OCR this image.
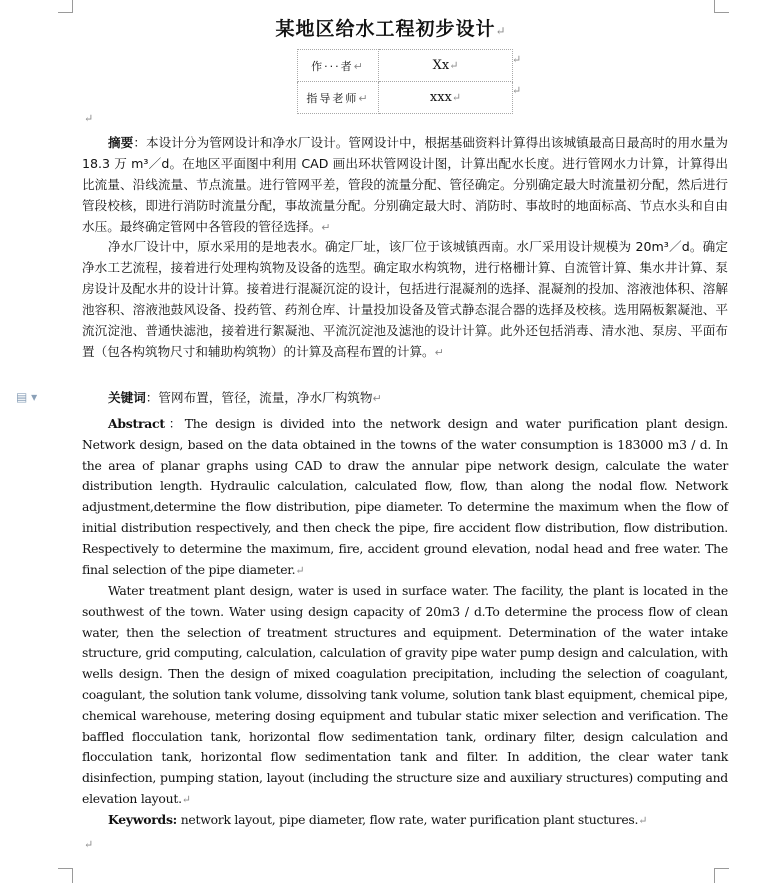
某地区给水工程初步设计↵
作···者↵	Xx↵
指导老师↵	xxx↵
↵
↵
↵

摘要：本设计分为管网设计和净水厂设计。管网设计中，根据基础资料计算得出该城镇最高日最高时的用水量为 18.3 万 m³／d。在地区平面图中利用 CAD 画出环状管网设计图，计算出配水长度。进行管网水力计算，计算得出比流量、沿线流量、节点流量。进行管网平差，管段的流量分配、管径确定。分别确定最大时流量初分配，然后进行管段校核，即进行消防时流量分配，事故流量分配。分别确定最大时、消防时、事故时的地面标高、节点水头和自由水压。最终确定管网中各管段的管径选择。↵

净水厂设计中，原水采用的是地表水。确定厂址，该厂位于该城镇西南。水厂采用设计规模为 20m³／d。确定净水工艺流程，接着进行处理构筑物及设备的选型。确定取水构筑物，进行格栅计算、自流管计算、集水井计算、泵房设计及配水井的设计计算。接着进行混凝沉淀的设计，包括进行混凝剂的选择、混凝剂的投加、溶液池体积、溶解池容积、溶液池鼓风设备、投药管、药剂仓库、计量投加设备及管式静态混合器的选择及校核。选用隔板絮凝池、平流沉淀池、普通快滤池，接着进行絮凝池、平流沉淀池及滤池的设计计算。此外还包括消毒、清水池、泵房、平面布置（包各构筑物尺寸和辅助构筑物）的计算及高程布置的计算。↵

▤ ▾	关键词：管网布置，管径，流量，净水厂构筑物↵

Abstract：The design is divided into the network design and water purification plant design. Network design, based on the data obtained in the towns of the water consumption is 183000 m3 / d. In the area of planar graphs using CAD to draw the annular pipe network design, calculate the water distribution length. Hydraulic calculation, calculated flow, flow, than along the nodal flow. Network adjustment,determine the flow distribution, pipe diameter. To determine the maximum when the flow of initial distribution respectively, and then check the pipe, fire accident flow distribution, flow distribution. Respectively to determine the maximum, fire, accident ground elevation, nodal head and free water. The final selection of the pipe diameter.↵

Water treatment plant design, water is used in surface water. The facility, the plant is located in the southwest of the town. Water using design capacity of 20m3 / d.To determine the process flow of clean water, then the selection of treatment structures and equipment. Determination of the water intake structure, grid computing, calculation, calculation of gravity pipe water pump design and calculation, with wells design. Then the design of mixed coagulation precipitation, including the selection of coagulant, coagulant, the solution tank volume, dissolving tank volume, solution tank blast equipment, chemical pipe, chemical warehouse, metering dosing equipment and tubular static mixer selection and verification. The baffled flocculation tank, horizontal flow sedimentation tank, ordinary filter, design calculation and flocculation tank, horizontal flow sedimentation tank and filter. In addition, the clear water tank disinfection, pumping station, layout (including the structure size and auxiliary structures) computing and elevation layout.↵

Keywords: network layout, pipe diameter, flow rate, water purification plant stuctures.↵

↵
